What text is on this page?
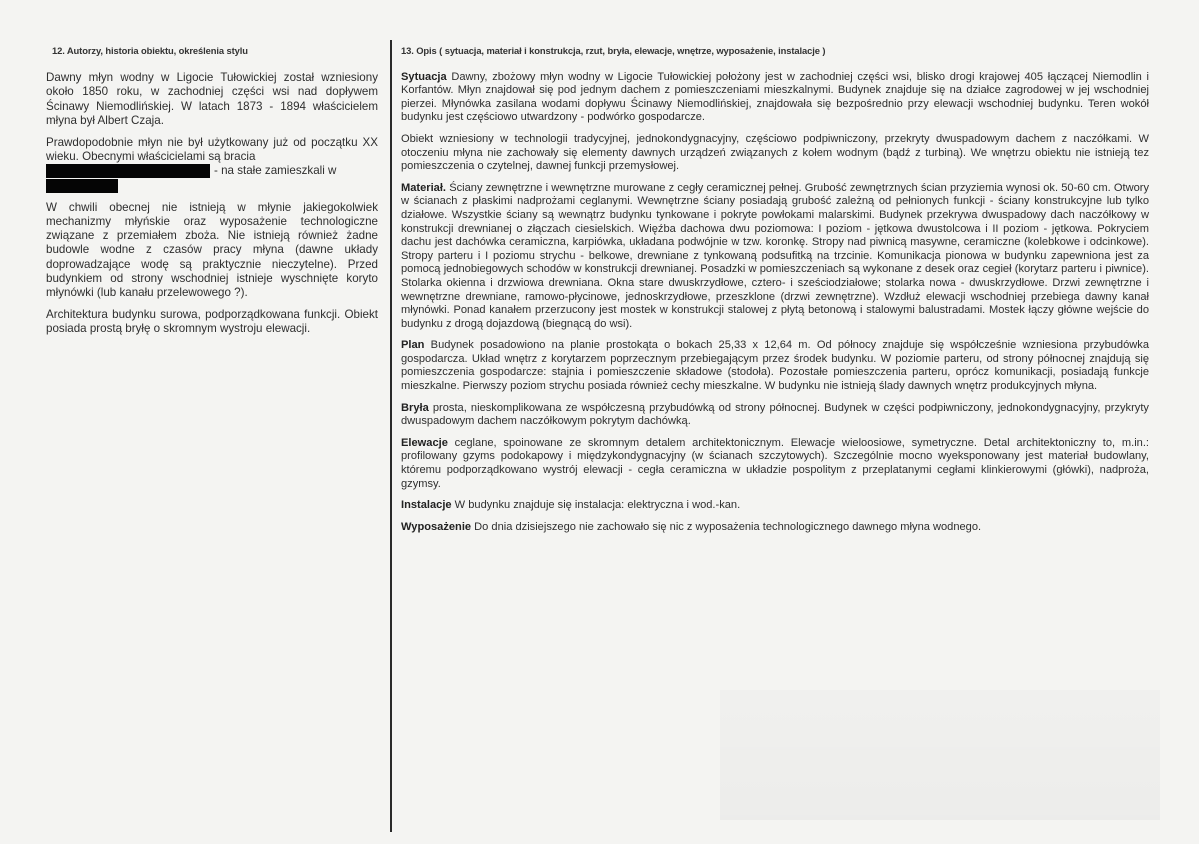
12. Autorzy, historia obiektu, określenia stylu

Dawny młyn wodny w Ligocie Tułowickiej został wzniesiony około 1850 roku, w zachodniej części wsi nad dopływem Ścinawy Niemodlińskiej. W latach 1873 - 1894 właścicielem młyna był Albert Czaja.

Prawdopodobnie młyn nie był użytkowany już od początku XX wieku. Obecnymi właścicielami są bracia
- na stałe zamieszkali w

W chwili obecnej nie istnieją w młynie jakiegokolwiek mechanizmy młyńskie oraz wyposażenie technologiczne związane z przemiałem zboża. Nie istnieją również żadne budowle wodne z czasów pracy młyna (dawne układy doprowadzające wodę są praktycznie nieczytelne). Przed budynkiem od strony wschodniej istnieje wyschnięte koryto młynówki (lub kanału przelewowego ?).

Architektura budynku surowa, podporządkowana funkcji. Obiekt posiada prostą bryłę o skromnym wystroju elewacji.

13. Opis ( sytuacja, materiał i konstrukcja, rzut, bryła, elewacje, wnętrze, wyposażenie, instalacje )

Sytuacja Dawny, zbożowy młyn wodny w Ligocie Tułowickiej położony jest w zachodniej części wsi, blisko drogi krajowej 405 łączącej Niemodlin i Korfantów. Młyn znajdował się pod jednym dachem z pomieszczeniami mieszkalnymi. Budynek znajduje się na działce zagrodowej w jej wschodniej pierzei. Młynówka zasilana wodami dopływu Ścinawy Niemodlińskiej, znajdowała się bezpośrednio przy elewacji wschodniej budynku. Teren wokół budynku jest częściowo utwardzony - podwórko gospodarcze.

Obiekt wzniesiony w technologii tradycyjnej, jednokondygnacyjny, częściowo podpiwniczony, przekryty dwuspadowym dachem z naczółkami. W otoczeniu młyna nie zachowały się elementy dawnych urządzeń związanych z kołem wodnym (bądź z turbiną). We wnętrzu obiektu nie istnieją tez pomieszczenia o czytelnej, dawnej funkcji przemysłowej.

Materiał. Ściany zewnętrzne i wewnętrzne murowane z cegły ceramicznej pełnej. Grubość zewnętrznych ścian przyziemia wynosi ok. 50-60 cm. Otwory w ścianach z płaskimi nadprożami ceglanymi. Wewnętrzne ściany posiadają grubość zależną od pełnionych funkcji - ściany konstrukcyjne lub tylko działowe. Wszystkie ściany są wewnątrz budynku tynkowane i pokryte powłokami malarskimi. Budynek przekrywa dwuspadowy dach naczółkowy w konstrukcji drewnianej o złączach ciesielskich. Więźba dachowa dwu poziomowa: I poziom - jętkowa dwustolcowa i II poziom - jętkowa. Pokryciem dachu jest dachówka ceramiczna, karpiówka, układana podwójnie w tzw. koronkę. Stropy nad piwnicą masywne, ceramiczne (kolebkowe i odcinkowe). Stropy parteru i I poziomu strychu - belkowe, drewniane z tynkowaną podsufitką na trzcinie. Komunikacja pionowa w budynku zapewniona jest za pomocą jednobiegowych schodów w konstrukcji drewnianej. Posadzki w pomieszczeniach są wykonane z desek oraz cegieł (korytarz parteru i piwnice). Stolarka okienna i drzwiowa drewniana. Okna stare dwuskrzydłowe, cztero- i sześciodziałowe; stolarka nowa - dwuskrzydłowe. Drzwi zewnętrzne i wewnętrzne drewniane, ramowo-płycinowe, jednoskrzydłowe, przeszklone (drzwi zewnętrzne). Wzdłuż elewacji wschodniej przebiega dawny kanał młynówki. Ponad kanałem przerzucony jest mostek w konstrukcji stalowej z płytą betonową i stalowymi balustradami. Mostek łączy główne wejście do budynku z drogą dojazdową (biegnącą do wsi).

Plan Budynek posadowiono na planie prostokąta o bokach 25,33 x 12,64 m. Od północy znajduje się współcześnie wzniesiona przybudówka gospodarcza. Układ wnętrz z korytarzem poprzecznym przebiegającym przez środek budynku. W poziomie parteru, od strony północnej znajdują się pomieszczenia gospodarcze: stajnia i pomieszczenie składowe (stodoła). Pozostałe pomieszczenia parteru, oprócz komunikacji, posiadają funkcje mieszkalne. Pierwszy poziom strychu posiada również cechy mieszkalne. W budynku nie istnieją ślady dawnych wnętrz produkcyjnych młyna.

Bryła prosta, nieskomplikowana ze współczesną przybudówką od strony północnej. Budynek w części podpiwniczony, jednokondygnacyjny, przykryty dwuspadowym dachem naczółkowym pokrytym dachówką.

Elewacje ceglane, spoinowane ze skromnym detalem architektonicznym. Elewacje wieloosiowe, symetryczne. Detal architektoniczny to, m.in.: profilowany gzyms podokapowy i międzykondygnacyjny (w ścianach szczytowych). Szczególnie mocno wyeksponowany jest materiał budowlany, któremu podporządkowano wystrój elewacji - cegła ceramiczna w układzie pospolitym z przeplatanymi cegłami klinkierowymi (główki), nadproża, gzymsy.

Instalacje W budynku znajduje się instalacja: elektryczna i wod.-kan.

Wyposażenie Do dnia dzisiejszego nie zachowało się nic z wyposażenia technologicznego dawnego młyna wodnego.
